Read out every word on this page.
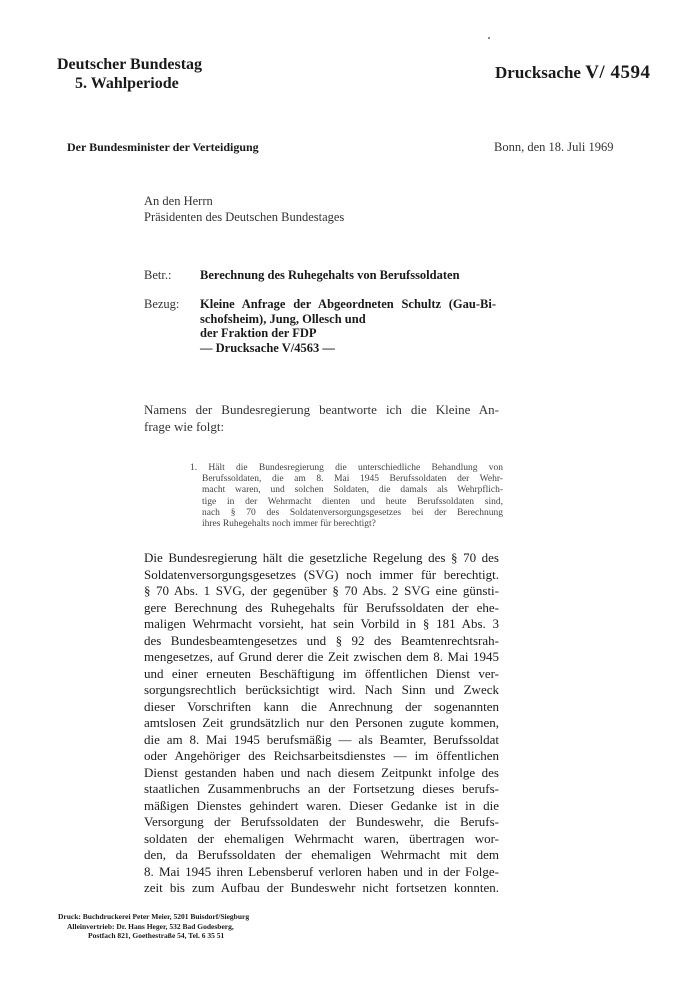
Deutscher Bundestag
5. Wahlperiode
Drucksache V/ 4594
Der Bundesminister der Verteidigung	Bonn, den 18. Juli 1969
An den Herrn
Präsidenten des Deutschen Bundestages
Betr.: Berechnung des Ruhegehalts von Berufssoldaten
Bezug: Kleine Anfrage der Abgeordneten Schultz (Gau-Bi-
schofsheim), Jung, Ollesch und
der Fraktion der FDP
— Drucksache V/4563 —
Namens der Bundesregierung beantworte ich die Kleine An-
frage wie folgt:
1. Hält die Bundesregierung die unterschiedliche Behandlung von
Berufssoldaten, die am 8. Mai 1945 Berufssoldaten der Wehr-
macht waren, und solchen Soldaten, die damals als Wehrpflich-
tige in der Wehrmacht dienten und heute Berufssoldaten sind,
nach § 70 des Soldatenversorgungsgesetzes bei der Berechnung
ihres Ruhegehalts noch immer für berechtigt?
Die Bundesregierung hält die gesetzliche Regelung des § 70 des
Soldatenversorgungsgesetzes (SVG) noch immer für berechtigt.
§ 70 Abs. 1 SVG, der gegenüber § 70 Abs. 2 SVG eine günsti-
gere Berechnung des Ruhegehalts für Berufssoldaten der ehe-
maligen Wehrmacht vorsieht, hat sein Vorbild in § 181 Abs. 3
des Bundesbeamtengesetzes und § 92 des Beamtenrechtsrah-
mengesetzes, auf Grund derer die Zeit zwischen dem 8. Mai 1945
und einer erneuten Beschäftigung im öffentlichen Dienst ver-
sorgungsrechtlich berücksichtigt wird. Nach Sinn und Zweck
dieser Vorschriften kann die Anrechnung der sogenannten
amtslosen Zeit grundsätzlich nur den Personen zugute kommen,
die am 8. Mai 1945 berufsmäßig — als Beamter, Berufssoldat
oder Angehöriger des Reichsarbeitsdienstes — im öffentlichen
Dienst gestanden haben und nach diesem Zeitpunkt infolge des
staatlichen Zusammenbruchs an der Fortsetzung dieses berufs-
mäßigen Dienstes gehindert waren. Dieser Gedanke ist in die
Versorgung der Berufssoldaten der Bundeswehr, die Berufs-
soldaten der ehemaligen Wehrmacht waren, übertragen wor-
den, da Berufssoldaten der ehemaligen Wehrmacht mit dem
8. Mai 1945 ihren Lebensberuf verloren haben und in der Folge-
zeit bis zum Aufbau der Bundeswehr nicht fortsetzen konnten.
Druck: Buchdruckerei Peter Meier, 5201 Buisdorf/Siegburg
Alleinvertrieb: Dr. Hans Heger, 532 Bad Godesberg,
Postfach 821, Goethestraße 54, Tel. 6 35 51
